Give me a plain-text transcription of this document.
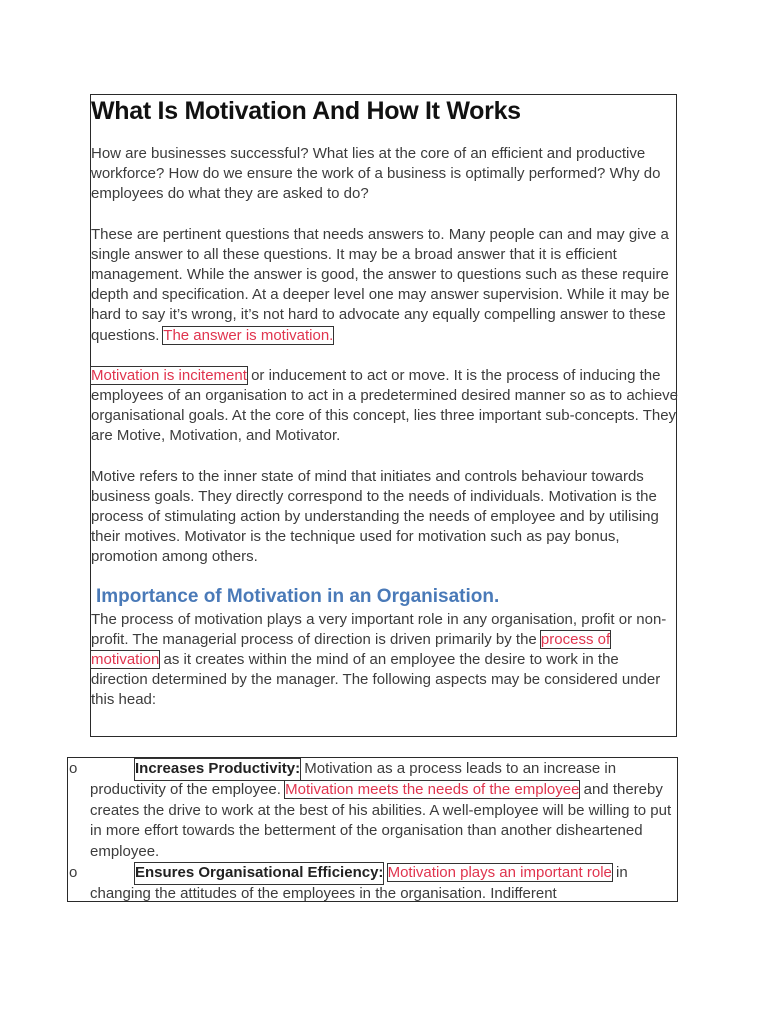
What Is Motivation And How It Works

How are businesses successful? What lies at the core of an efficient and productive workforce? How do we ensure the work of a business is optimally performed? Why do employees do what they are asked to do?

These are pertinent questions that needs answers to. Many people can and may give a single answer to all these questions. It may be a broad answer that it is efficient management. While the answer is good, the answer to questions such as these require depth and specification. At a deeper level one may answer supervision. While it may be hard to say it’s wrong, it’s not hard to advocate any equally compelling answer to these questions. The answer is motivation.

Motivation is incitement or inducement to act or move. It is the process of inducing the employees of an organisation to act in a predetermined desired manner so as to achieve organisational goals. At the core of this concept, lies three important sub-concepts. They are Motive, Motivation, and Motivator.

Motive refers to the inner state of mind that initiates and controls behaviour towards business goals. They directly correspond to the needs of individuals. Motivation is the process of stimulating action by understanding the needs of employee and by utilising their motives. Motivator is the technique used for motivation such as pay bonus, promotion among others.

Importance of Motivation in an Organisation.

The process of motivation plays a very important role in any organisation, profit or non-profit. The managerial process of direction is driven primarily by the process of motivation as it creates within the mind of an employee the desire to work in the direction determined by the manager. The following aspects may be considered under this head:

o	Increases Productivity: Motivation as a process leads to an increase in productivity of the employee. Motivation meets the needs of the employee and thereby creates the drive to work at the best of his abilities. A well-employee will be willing to put in more effort towards the betterment of the organisation than another disheartened employee.
o	Ensures Organisational Efficiency: Motivation plays an important role in changing the attitudes of the employees in the organisation. Indifferent
